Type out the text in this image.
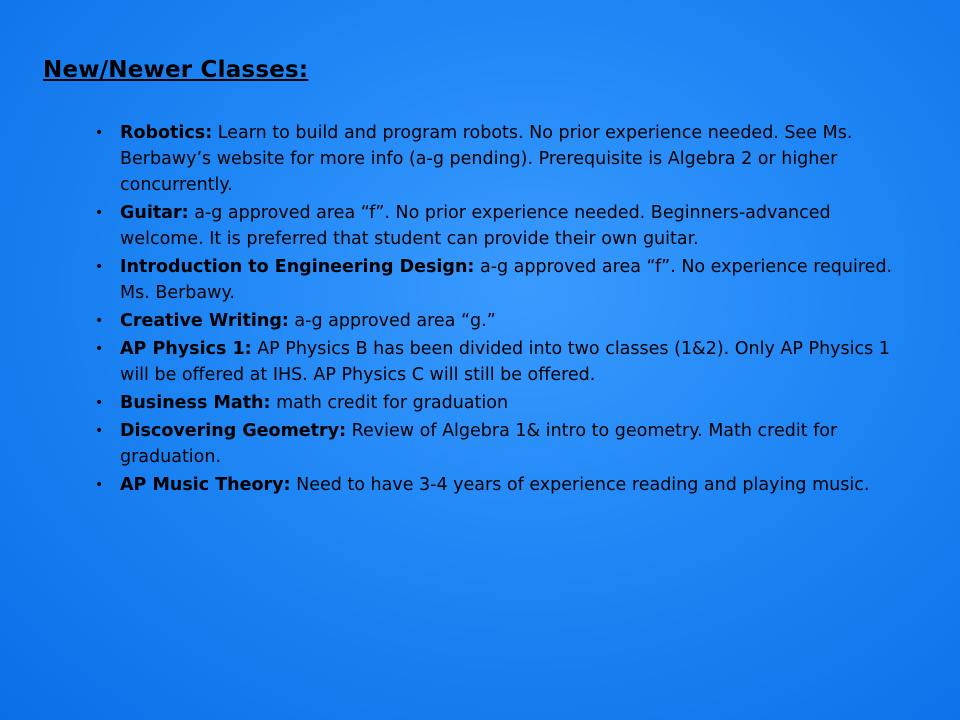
New/Newer Classes:
• Robotics: Learn to build and program robots. No prior experience needed. See Ms. Berbawy’s website for more info (a-g pending). Prerequisite is Algebra 2 or higher concurrently.
• Guitar: a-g approved area “f”. No prior experience needed. Beginners-advanced welcome. It is preferred that student can provide their own guitar.
• Introduction to Engineering Design: a-g approved area “f”. No experience required. Ms. Berbawy.
• Creative Writing: a-g approved area “g.”
• AP Physics 1: AP Physics B has been divided into two classes (1&2). Only AP Physics 1 will be offered at IHS. AP Physics C will still be offered.
• Business Math: math credit for graduation
• Discovering Geometry: Review of Algebra 1& intro to geometry. Math credit for graduation.
• AP Music Theory: Need to have 3-4 years of experience reading and playing music.
